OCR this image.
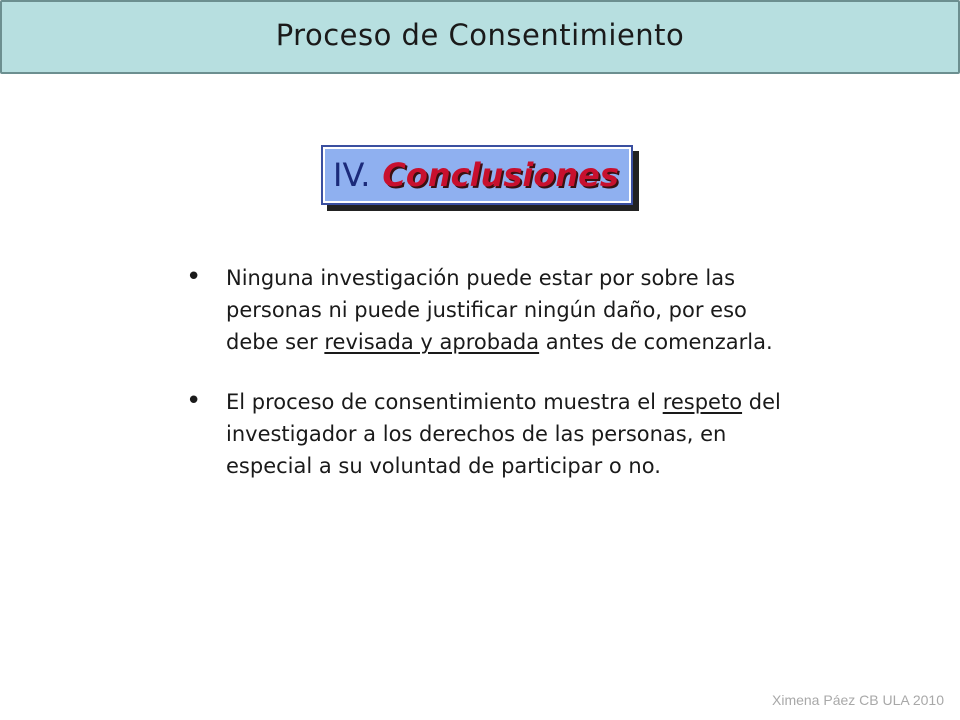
Proceso de Consentimiento
IV. Conclusiones
• Ninguna investigación puede estar por sobre las personas ni puede justificar ningún daño, por eso debe ser revisada y aprobada antes de comenzarla.
• El proceso de consentimiento muestra el respeto del investigador a los derechos de las personas, en especial a su voluntad de participar o no.
Ximena Páez CB ULA 2010
